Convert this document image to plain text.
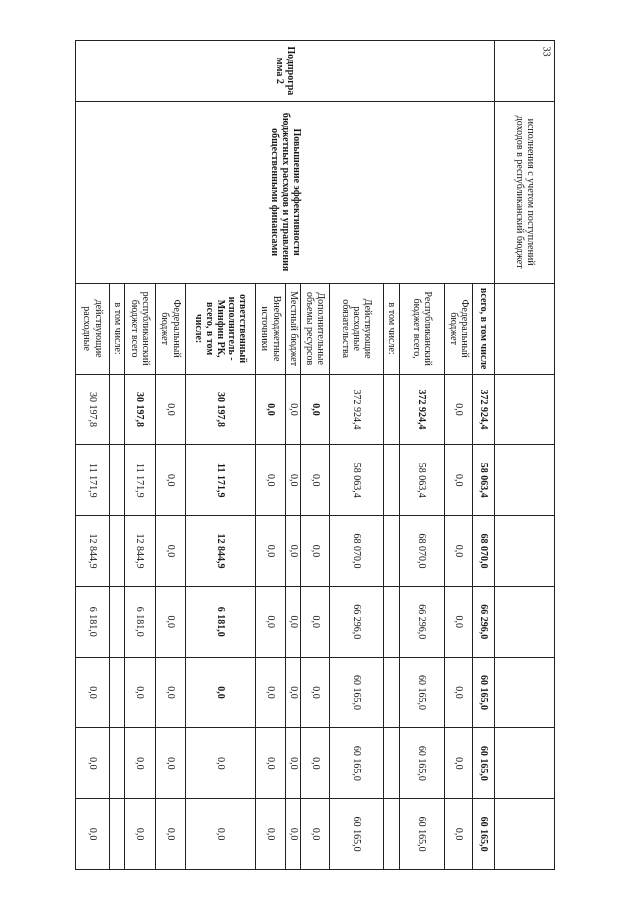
33
	исполнения с учетом поступлений доходов в республиканский бюджет								
Подпрогра мма 2	Повышение эффективности бюджетных расходов и управления общественными финансами	всего, в том числе	372 924,4	58 063,4	68 070,0	66 296,0	60 165,0	60 165,0	60 165,0
		Федеральный бюджет	0,0	0,0	0,0	0,0	0,0	0,0	0,0
		Республиканский бюджет всего,	372 924,4	58 063,4	68 070,0	66 296,0	60 165,0	60 165,0	60 165,0
		в том числе:							
		Действующие расходные обязательства	372 924,4	58 063,4	68 070,0	66 296,0	60 165,0	60 165,0	60 165,0
		Дополнительные объемы ресурсов	0,0	0,0	0,0	0,0	0,0	0,0	0,0
		Местный бюджет	0,0	0,0	0,0	0,0	0,0	0,0	0,0
		Внебюджетные источники	0,0	0,0	0,0	0,0	0,0	0,0	0,0
		ответственный исполнитель - Минфин РК, всего, в том числе:	30 197,8	11 171,9	12 844,9	6 181,0	0,0	0,0	0,0
		Федеральный бюджет	0,0	0,0	0,0	0,0	0,0	0,0	0,0
		республиканский бюджет всего	30 197,8	11 171,9	12 844,9	6 181,0	0,0	0,0	0,0
		в том числе:							
		действующие расходные	30 197,8	11 171,9	12 844,9	6 181,0	0,0	0,0	0,0
